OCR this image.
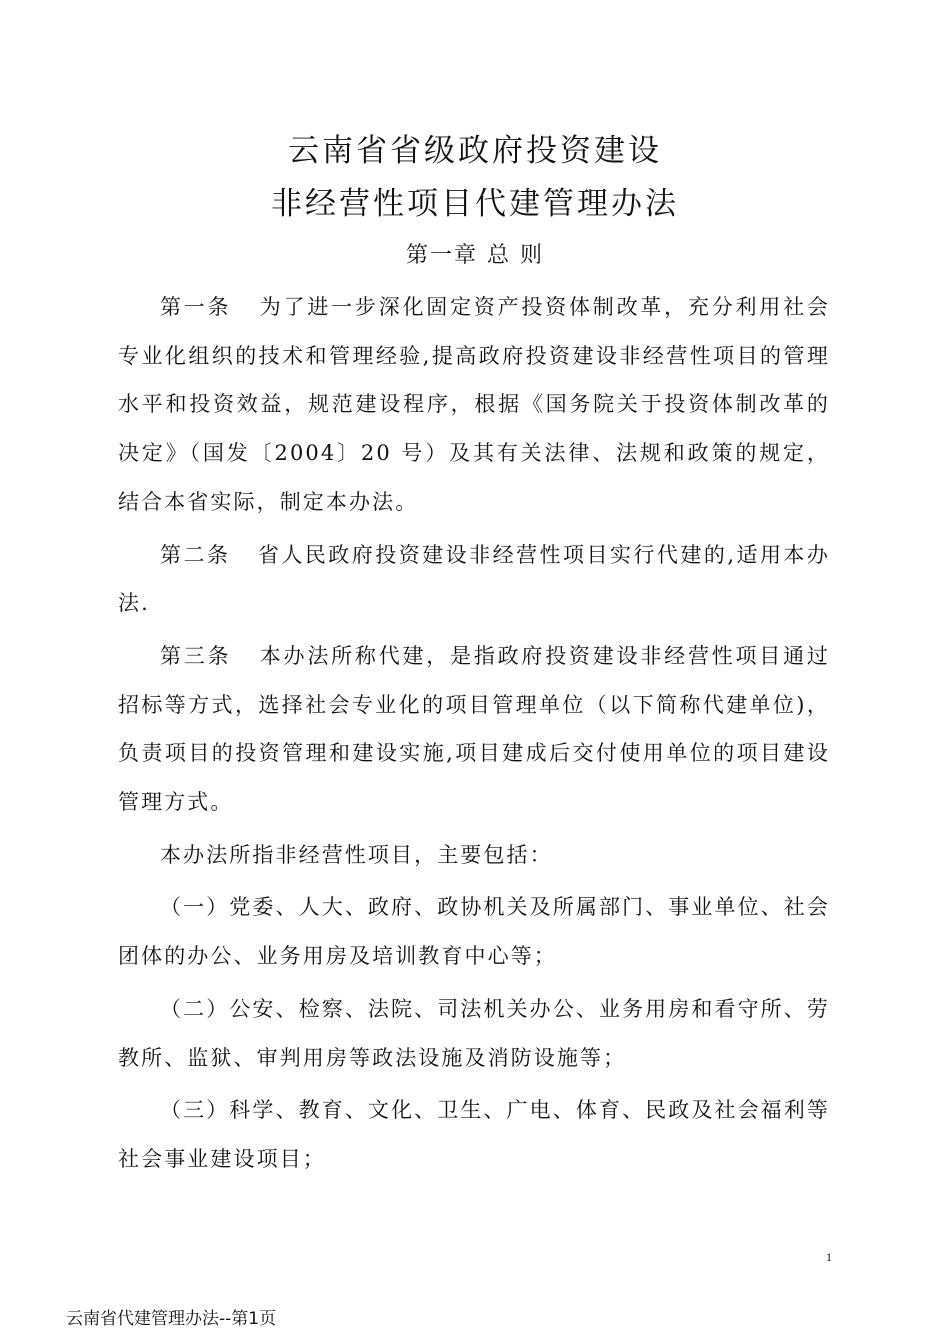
云南省省级政府投资建设
非经营性项目代建管理办法
第一章 总 则

第一条 为了进一步深化固定资产投资体制改革，充分利用社会专业化组织的技术和管理经验,提高政府投资建设非经营性项目的管理水平和投资效益，规范建设程序，根据《国务院关于投资体制改革的决定》（国发〔2004〕20 号）及其有关法律、法规和政策的规定，结合本省实际，制定本办法。

第二条 省人民政府投资建设非经营性项目实行代建的,适用本办法.

第三条 本办法所称代建，是指政府投资建设非经营性项目通过招标等方式，选择社会专业化的项目管理单位（以下简称代建单位)，负责项目的投资管理和建设实施,项目建成后交付使用单位的项目建设管理方式。

本办法所指非经营性项目，主要包括：

（一）党委、人大、政府、政协机关及所属部门、事业单位、社会团体的办公、业务用房及培训教育中心等；

（二）公安、检察、法院、司法机关办公、业务用房和看守所、劳教所、监狱、审判用房等政法设施及消防设施等；

（三）科学、教育、文化、卫生、广电、体育、民政及社会福利等社会事业建设项目；

1
云南省代建管理办法--第1页
